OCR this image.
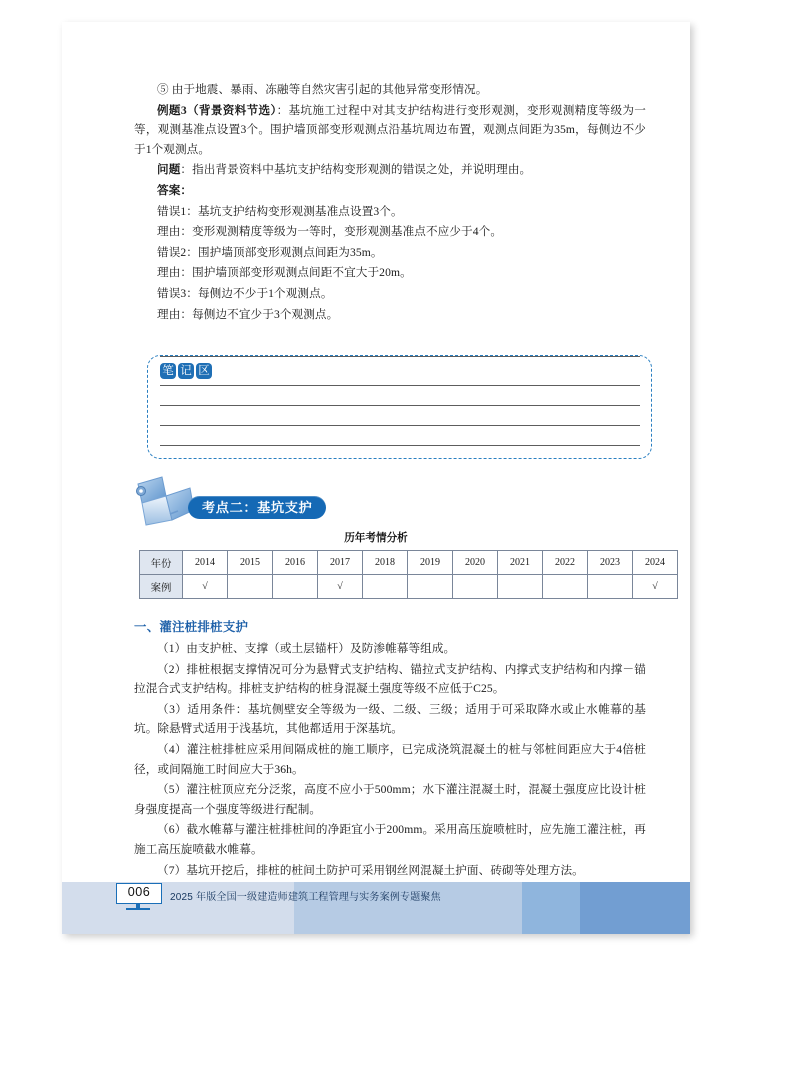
⑤ 由于地震、暴雨、冻融等自然灾害引起的其他异常变形情况。

例题3（背景资料节选）：基坑施工过程中对其支护结构进行变形观测，变形观测精度等级为一等，观测基准点设置3个。围护墙顶部变形观测点沿基坑周边布置，观测点间距为35m，每侧边不少于1个观测点。

问题：指出背景资料中基坑支护结构变形观测的错误之处，并说明理由。

答案：

错误1：基坑支护结构变形观测基准点设置3个。

理由：变形观测精度等级为一等时，变形观测基准点不应少于4个。

错误2：围护墙顶部变形观测点间距为35m。

理由：围护墙顶部变形观测点间距不宜大于20m。

错误3：每侧边不少于1个观测点。

理由：每侧边不宜少于3个观测点。

笔 记 区
考点二：基坑支护
历年考情分析
年份	2014	2015	2016	2017	2018	2019	2020	2021	2022	2023	2024
案例	√			√							√

一、灌注桩排桩支护

（1）由支护桩、支撑（或土层锚杆）及防渗帷幕等组成。

（2）排桩根据支撑情况可分为悬臂式支护结构、锚拉式支护结构、内撑式支护结构和内撑－锚拉混合式支护结构。排桩支护结构的桩身混凝土强度等级不应低于C25。

（3）适用条件：基坑侧壁安全等级为一级、二级、三级；适用于可采取降水或止水帷幕的基坑。除悬臂式适用于浅基坑，其他都适用于深基坑。

（4）灌注桩排桩应采用间隔成桩的施工顺序，已完成浇筑混凝土的桩与邻桩间距应大于4倍桩径，或间隔施工时间应大于36h。

（5）灌注桩顶应充分泛浆，高度不应小于500mm；水下灌注混凝土时，混凝土强度应比设计桩身强度提高一个强度等级进行配制。

（6）截水帷幕与灌注桩排桩间的净距宜小于200mm。采用高压旋喷桩时，应先施工灌注桩，再施工高压旋喷截水帷幕。

（7）基坑开挖后，排桩的桩间土防护可采用钢丝网混凝土护面、砖砌等处理方法。

006	2025 年版全国一级建造师建筑工程管理与实务案例专题聚焦
